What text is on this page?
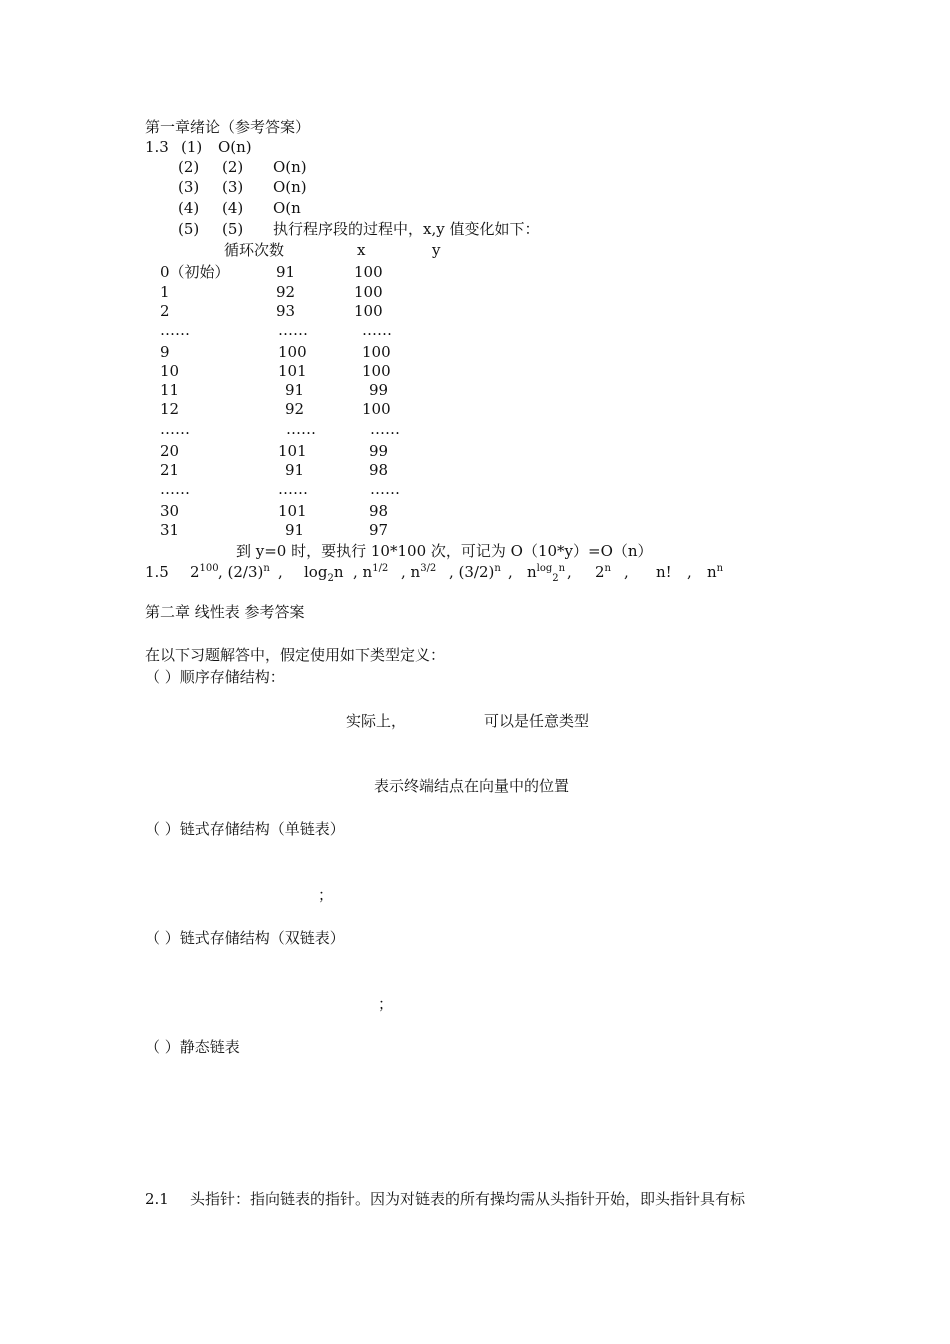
第一章绪论（参考答案）
1.3 (1) O(n)
(2) (2) O(n)
(3) (3) O(n)
(4) (4) O(n
(5) (5) 执行程序段的过程中，x,y 值变化如下：
循环次数	x	y
0（初始）	91	100
1	92	100
2	93	100
……	……	……
9	100	100
10	101	100
11	91	99
12	92	100
……	……	……
20	101	99
21	91	98
……	……	……
30	101	98
31	91	97
到 y=0 时，要执行 10*100 次，可记为 O（10*y）=O（n）
1.5 $2^{100}$ , $(2/3)^n$ , $\log_2n$ , $n^{1/2}$ , $n^{3/2}$ , $(3/2)^n$ , $n^{log}_2^n$ , 2$^n$ , n! , $n^n$
第二章 线性表 参考答案
在以下习题解答中，假定使用如下类型定义：
（ ）顺序存储结构：
实际上，	可以是任意类型
表示终端结点在向量中的位置
（ ）链式存储结构（单链表）
；
（ ）链式存储结构（双链表）
；
（ ）静态链表
2.1 头指针：指向链表的指针。因为对链表的所有操均需从头指针开始，即头指针具有标
